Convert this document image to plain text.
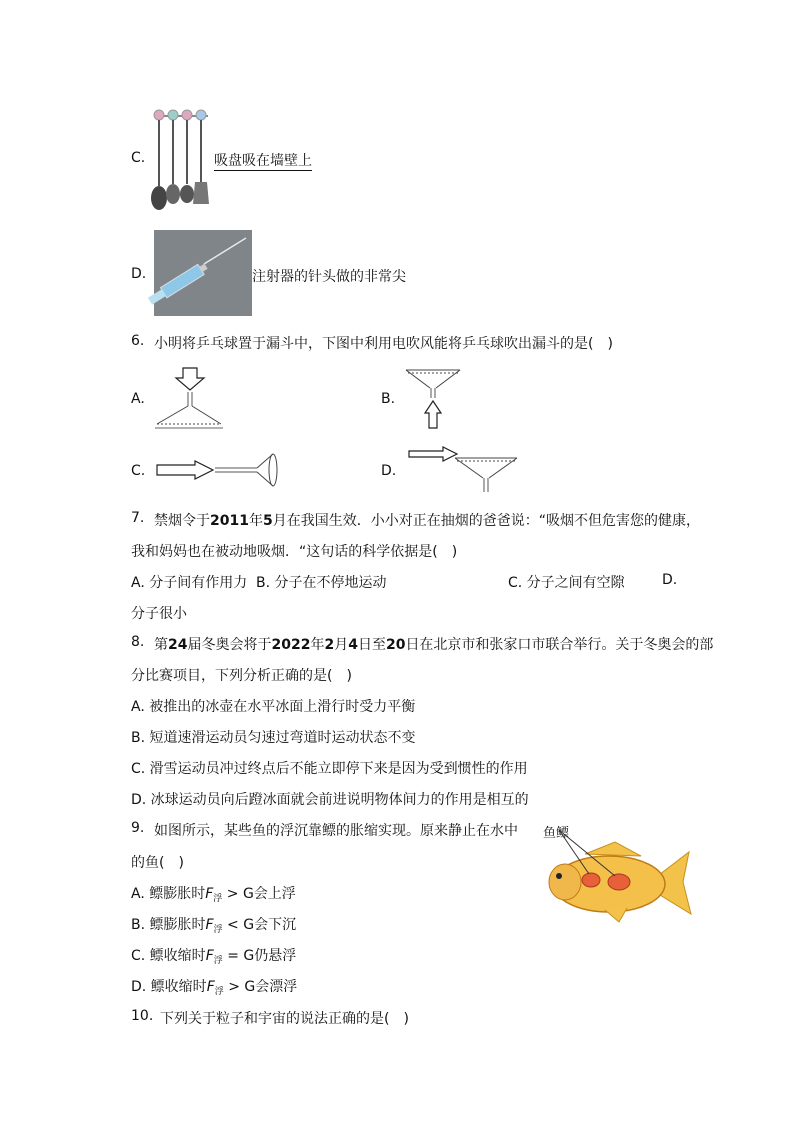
C.	吸盘吸在墙壁上
D.	注射器的针头做的非常尖
6. 小明将乒乓球置于漏斗中，下图中利用电吹风能将乒乓球吹出漏斗的是(　)
A.	B.
C.	D.
7. 禁烟令于2011年5月在我国生效．小小对正在抽烟的爸爸说：“吸烟不但危害您的健康，
我和妈妈也在被动地吸烟．“这句话的科学依据是(　)
A. 分子间有作用力 B. 分子在不停地运动	C. 分子之间有空隙	D.
分子很小
8. 第24届冬奥会将于2022年2月4日至20日在北京市和张家口市联合举行。关于冬奥会的部
分比赛项目，下列分析正确的是(　)
A. 被推出的冰壶在水平冰面上滑行时受力平衡
B. 短道速滑运动员匀速过弯道时运动状态不变
C. 滑雪运动员冲过终点后不能立即停下来是因为受到惯性的作用
D. 冰球运动员向后蹬冰面就会前进说明物体间力的作用是相互的
9. 如图所示，某些鱼的浮沉靠鳔的胀缩实现。原来静止在水中
的鱼(　)
A. 鳔膨胀时$F_浮 > G$会上浮
B. 鳔膨胀时$F_浮 < G$会下沉
C. 鳔收缩时$F_浮 = G$仍悬浮
D. 鳔收缩时$F_浮 > G$会漂浮
鱼鳔
10. 下列关于粒子和宇宙的说法正确的是(　)
